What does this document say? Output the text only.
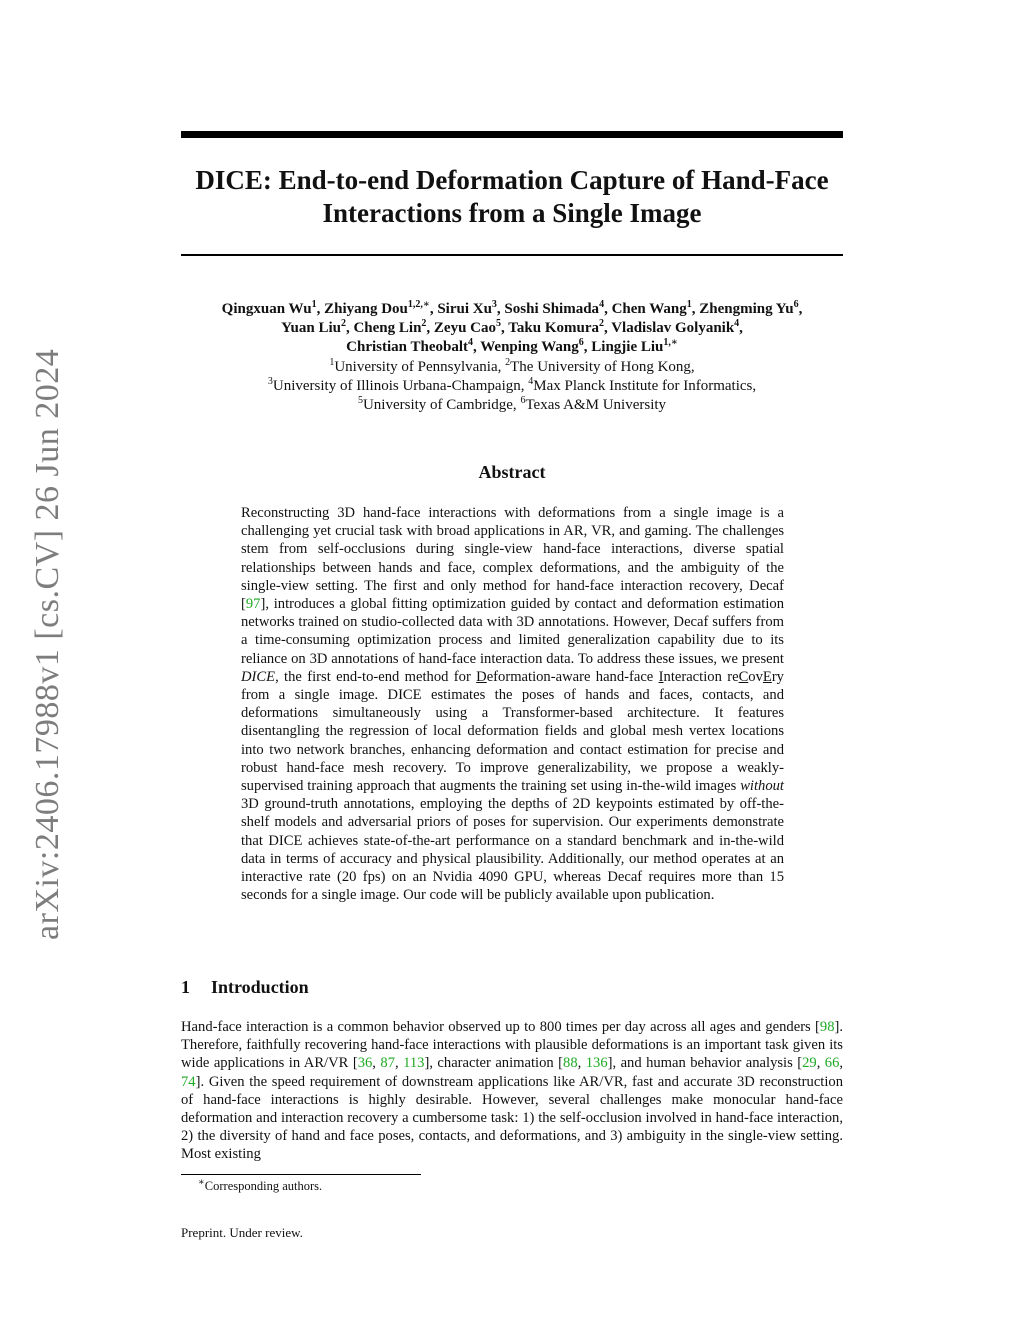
arXiv:2406.17988v1 [cs.CV] 26 Jun 2024
DICE: End-to-end Deformation Capture of Hand-Face
Interactions from a Single Image

Qingxuan Wu$^1$, Zhiyang Dou$^{1,2,∗}$, Sirui Xu$^3$, Soshi Shimada$^4$, Chen Wang$^1$, Zhengming Yu$^6$,
Yuan Liu$^2$, Cheng Lin$^2$, Zeyu Cao$^5$, Taku Komura$^2$, Vladislav Golyanik$^4$,
Christian Theobalt$^4$, Wenping Wang$^6$, Lingjie Liu$^{1,∗}$

$^1$University of Pennsylvania, $^2$The University of Hong Kong,
$^3$University of Illinois Urbana-Champaign, $^4$Max Planck Institute for Informatics,
$^5$University of Cambridge, $^6$Texas A&M University

Abstract

Reconstructing 3D hand-face interactions with deformations from a single image is a challenging yet crucial task with broad applications in AR, VR, and gaming. The challenges stem from self-occlusions during single-view hand-face interactions, diverse spatial relationships between hands and face, complex deformations, and the ambiguity of the single-view setting. The first and only method for hand-face interaction recovery, Decaf [97], introduces a global fitting optimization guided by contact and deformation estimation networks trained on studio-collected data with 3D annotations. However, Decaf suffers from a time-consuming optimization process and limited generalization capability due to its reliance on 3D annotations of hand-face interaction data. To address these issues, we present DICE, the first end-to-end method for Deformation-aware hand-face Interaction reCovEry from a single image. DICE estimates the poses of hands and faces, contacts, and deformations simultaneously using a Transformer-based architecture. It features disentangling the regression of local deformation fields and global mesh vertex locations into two network branches, enhancing deformation and contact estimation for precise and robust hand-face mesh recovery. To improve generalizability, we propose a weakly-supervised training approach that augments the training set using in-the-wild images without 3D ground-truth annotations, employing the depths of 2D keypoints estimated by off-the-shelf models and adversarial priors of poses for supervision. Our experiments demonstrate that DICE achieves state-of-the-art performance on a standard benchmark and in-the-wild data in terms of accuracy and physical plausibility. Additionally, our method operates at an interactive rate (20 fps) on an Nvidia 4090 GPU, whereas Decaf requires more than 15 seconds for a single image. Our code will be publicly available upon publication.

1 Introduction

Hand-face interaction is a common behavior observed up to 800 times per day across all ages and genders [98]. Therefore, faithfully recovering hand-face interactions with plausible deformations is an important task given its wide applications in AR/VR [36, 87, 113], character animation [88, 136], and human behavior analysis [29, 66, 74]. Given the speed requirement of downstream applications like AR/VR, fast and accurate 3D reconstruction of hand-face interactions is highly desirable. However, several challenges make monocular hand-face deformation and interaction recovery a cumbersome task: 1) the self-occlusion involved in hand-face interaction, 2) the diversity of hand and face poses, contacts, and deformations, and 3) ambiguity in the single-view setting. Most existing

∗Corresponding authors.

Preprint. Under review.
